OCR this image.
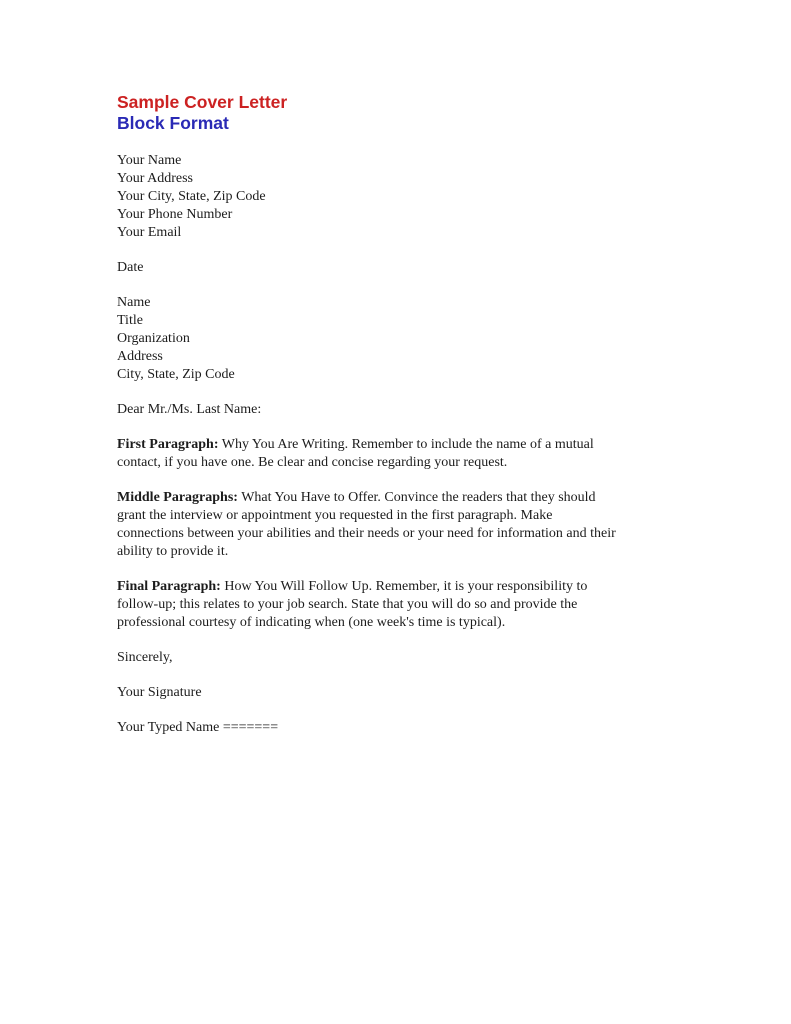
Sample Cover Letter
Block Format
Your Name
Your Address
Your City, State, Zip Code
Your Phone Number
Your Email
Date
Name
Title
Organization
Address
City, State, Zip Code
Dear Mr./Ms. Last Name:
First Paragraph: Why You Are Writing. Remember to include the name of a mutual
contact, if you have one. Be clear and concise regarding your request.
Middle Paragraphs: What You Have to Offer. Convince the readers that they should
grant the interview or appointment you requested in the first paragraph. Make
connections between your abilities and their needs or your need for information and their
ability to provide it.
Final Paragraph: How You Will Follow Up. Remember, it is your responsibility to
follow-up; this relates to your job search. State that you will do so and provide the
professional courtesy of indicating when (one week's time is typical).
Sincerely,
Your Signature
Your Typed Name =======
